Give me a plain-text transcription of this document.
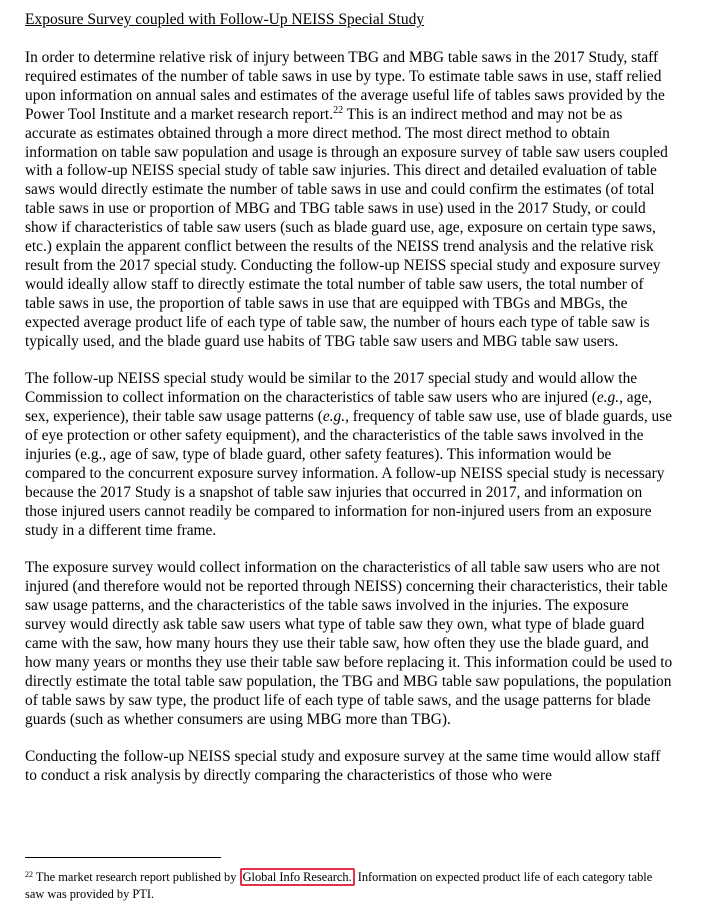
Exposure Survey coupled with Follow-Up NEISS Special Study

In order to determine relative risk of injury between TBG and MBG table saws in the 2017 Study, staff required estimates of the number of table saws in use by type. To estimate table saws in use, staff relied upon information on annual sales and estimates of the average useful life of tables saws provided by the Power Tool Institute and a market research report.$^{22}$ This is an indirect method and may not be as accurate as estimates obtained through a more direct method. The most direct method to obtain information on table saw population and usage is through an exposure survey of table saw users coupled with a follow-up NEISS special study of table saw injuries. This direct and detailed evaluation of table saws would directly estimate the number of table saws in use and could confirm the estimates (of total table saws in use or proportion of MBG and TBG table saws in use) used in the 2017 Study, or could show if characteristics of table saw users (such as blade guard use, age, exposure on certain type saws, etc.) explain the apparent conflict between the results of the NEISS trend analysis and the relative risk result from the 2017 special study. Conducting the follow-up NEISS special study and exposure survey would ideally allow staff to directly estimate the total number of table saw users, the total number of table saws in use, the proportion of table saws in use that are equipped with TBGs and MBGs, the expected average product life of each type of table saw, the number of hours each type of table saw is typically used, and the blade guard use habits of TBG table saw users and MBG table saw users.

The follow-up NEISS special study would be similar to the 2017 special study and would allow the Commission to collect information on the characteristics of table saw users who are injured (e.g., age, sex, experience), their table saw usage patterns (e.g., frequency of table saw use, use of blade guards, use of eye protection or other safety equipment), and the characteristics of the table saws involved in the injuries (e.g., age of saw, type of blade guard, other safety features). This information would be compared to the concurrent exposure survey information. A follow-up NEISS special study is necessary because the 2017 Study is a snapshot of table saw injuries that occurred in 2017, and information on those injured users cannot readily be compared to information for non-injured users from an exposure study in a different time frame.

The exposure survey would collect information on the characteristics of all table saw users who are not injured (and therefore would not be reported through NEISS) concerning their characteristics, their table saw usage patterns, and the characteristics of the table saws involved in the injuries. The exposure survey would directly ask table saw users what type of table saw they own, what type of blade guard came with the saw, how many hours they use their table saw, how often they use the blade guard, and how many years or months they use their table saw before replacing it. This information could be used to directly estimate the total table saw population, the TBG and MBG table saw populations, the population of table saws by saw type, the product life of each type of table saws, and the usage patterns for blade guards (such as whether consumers are using MBG more than TBG).

Conducting the follow-up NEISS special study and exposure survey at the same time would allow staff to conduct a risk analysis by directly comparing the characteristics of those who were

$^{22}$ The market research report published by Global Info Research. Information on expected product life of each category table saw was provided by PTI.
